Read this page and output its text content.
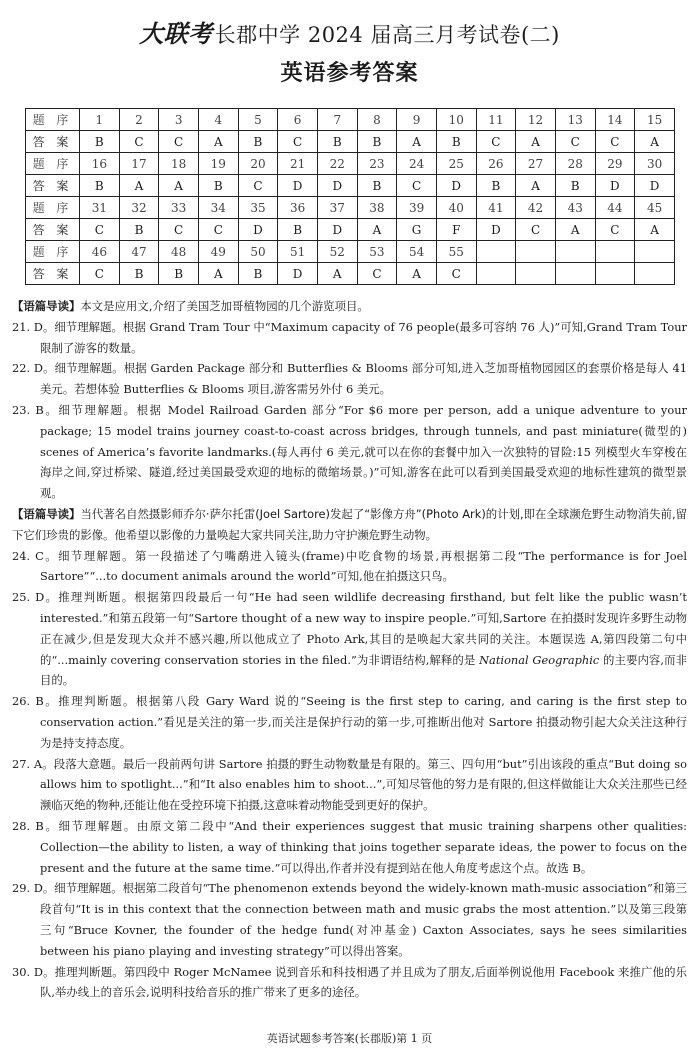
大联考长郡中学 2024 届高三月考试卷(二)
英语参考答案
题 序	1	2	3	4	5	6	7	8	9	10	11	12	13	14	15
答 案	B	C	C	A	B	C	B	B	A	B	C	A	C	C	A
题 序	16	17	18	19	20	21	22	23	24	25	26	27	28	29	30
答 案	B	A	A	B	C	D	D	B	C	D	B	A	B	D	D
题 序	31	32	33	34	35	36	37	38	39	40	41	42	43	44	45
答 案	C	B	C	C	D	B	D	A	G	F	D	C	A	C	A
题 序	46	47	48	49	50	51	52	53	54	55					
答 案	C	B	B	A	B	D	A	C	A	C					

【语篇导读】本文是应用文,介绍了美国芝加哥植物园的几个游览项目。

21. D。细节理解题。根据 Grand Tram Tour 中“Maximum capacity of 76 people(最多可容纳 76 人)”可知,Grand Tram Tour 限制了游客的数量。

22. D。细节理解题。根据 Garden Package 部分和 Butterflies & Blooms 部分可知,进入芝加哥植物园园区的套票价格是每人 41 美元。若想体验 Butterflies & Blooms 项目,游客需另外付 6 美元。

23. B。细节理解题。根据 Model Railroad Garden 部分“For $6 more per person, add a unique adventure to your package; 15 model trains journey coast-to-coast across bridges, through tunnels, and past miniature(微型的) scenes of America’s favorite landmarks.(每人再付 6 美元,就可以在你的套餐中加入一次独特的冒险:15 列模型火车穿梭在海岸之间,穿过桥梁、隧道,经过美国最受欢迎的地标的微缩场景。)”可知,游客在此可以看到美国最受欢迎的地标性建筑的微型景观。

【语篇导读】当代著名自然摄影师乔尔·萨尔托雷(Joel Sartore)发起了“影像方舟”(Photo Ark)的计划,即在全球濒危野生动物消失前,留下它们珍贵的影像。他希望以影像的力量唤起大家共同关注,助力守护濒危野生动物。

24. C。细节理解题。第一段描述了勺嘴鹬进入镜头(frame)中吃食物的场景,再根据第二段“The performance is for Joel Sartore”“...to document animals around the world”可知,他在拍摄这只鸟。

25. D。推理判断题。根据第四段最后一句“He had seen wildlife decreasing firsthand, but felt like the public wasn’t interested.”和第五段第一句“Sartore thought of a new way to inspire people.”可知,Sartore 在拍摄时发现许多野生动物正在减少,但是发现大众并不感兴趣,所以他成立了 Photo Ark,其目的是唤起大家共同的关注。本题误选 A,第四段第二句中的“...mainly covering conservation stories in the filed.”为非谓语结构,解释的是 National Geographic 的主要内容,而非目的。

26. B。推理判断题。根据第八段 Gary Ward 说的“Seeing is the first step to caring, and caring is the first step to conservation action.”看见是关注的第一步,而关注是保护行动的第一步,可推断出他对 Sartore 拍摄动物引起大众关注这种行为是持支持态度。

27. A。段落大意题。最后一段前两句讲 Sartore 拍摄的野生动物数量是有限的。第三、四句用“but”引出该段的重点“But doing so allows him to spotlight...”和“It also enables him to shoot...”,可知尽管他的努力是有限的,但这样做能让大众关注那些已经濒临灭绝的物种,还能让他在受控环境下拍摄,这意味着动物能受到更好的保护。

28. B。细节理解题。由原文第二段中“And their experiences suggest that music training sharpens other qualities: Collection—the ability to listen, a way of thinking that joins together separate ideas, the power to focus on the present and the future at the same time.”可以得出,作者并没有提到站在他人角度考虑这个点。故选 B。

29. D。细节理解题。根据第二段首句“The phenomenon extends beyond the widely-known math-music association”和第三段首句“It is in this context that the connection between math and music grabs the most attention.”以及第三段第三句“Bruce Kovner, the founder of the hedge fund(对冲基金) Caxton Associates, says he sees similarities between his piano playing and investing strategy”可以得出答案。

30. D。推理判断题。第四段中 Roger McNamee 说到音乐和科技相遇了并且成为了朋友,后面举例说他用 Facebook 来推广他的乐队,举办线上的音乐会,说明科技给音乐的推广带来了更多的途径。

英语试题参考答案(长郡版)第 1 页
